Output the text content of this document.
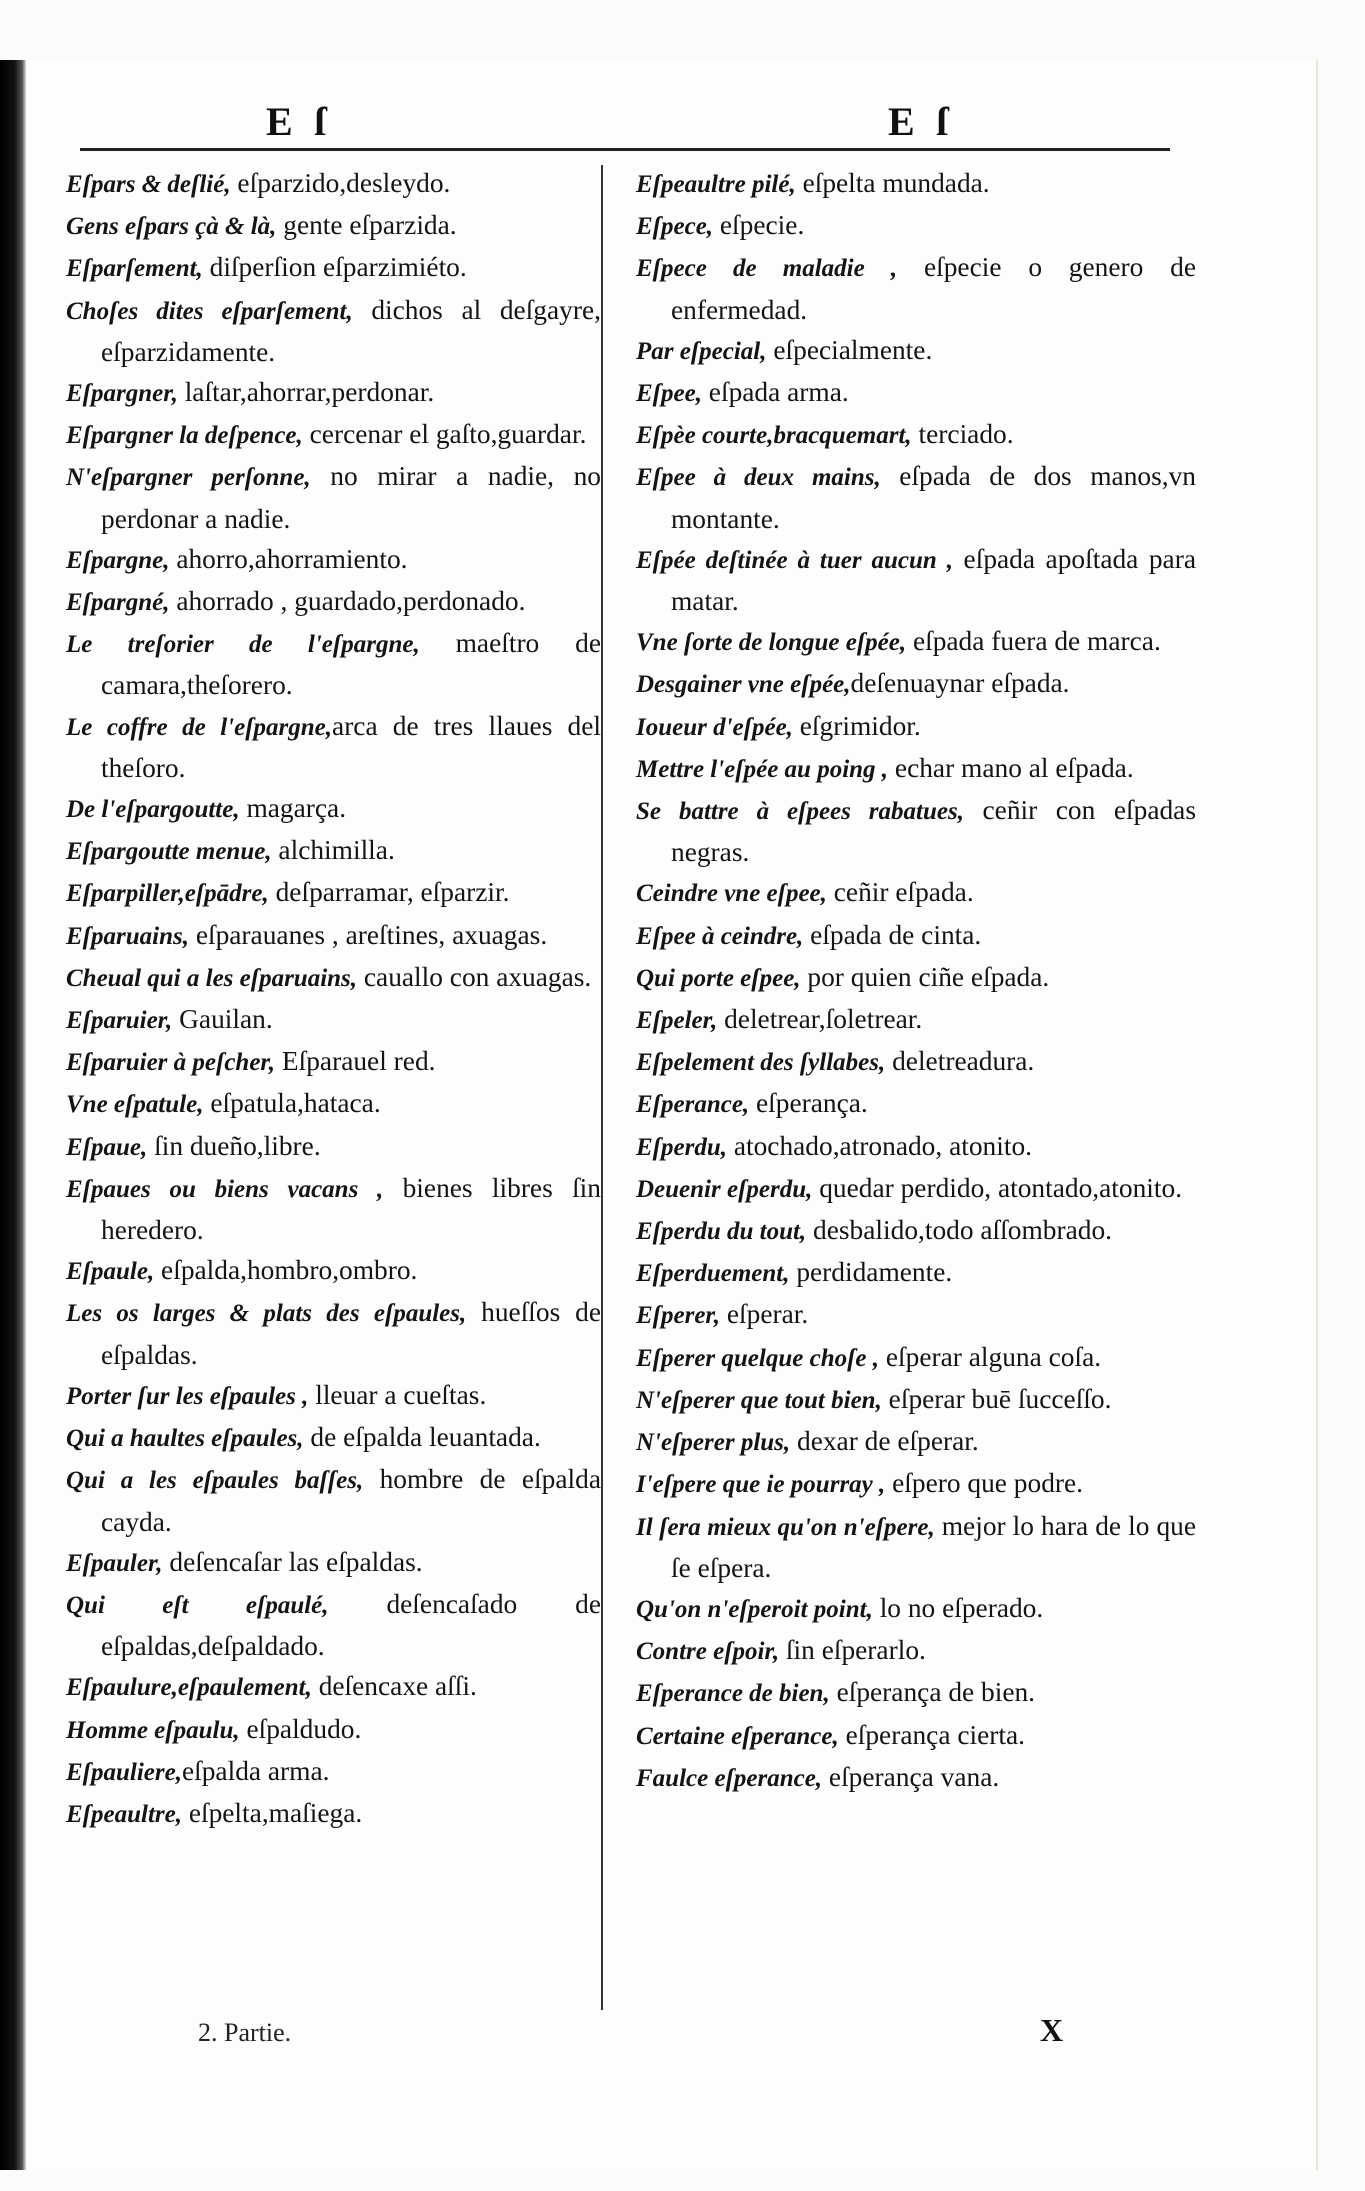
E ſ	E ſ

Eſpars & deſlié, eſparzido,desleydo.

Gens eſpars çà & là, gente eſparzida.

Eſparſement, diſperſion eſparzimiéto.

Choſes dites eſparſement, dichos al deſgayre, eſparzidamente.

Eſpargner, laſtar,ahorrar,perdonar.

Eſpargner la deſpence, cercenar el gaſto,guardar.

N'eſpargner perſonne, no mirar a nadie, no perdonar a nadie.

Eſpargne, ahorro,ahorramiento.

Eſpargné, ahorrado , guardado,perdonado.

Le treſorier de l'eſpargne, maeſtro de camara,theſorero.

Le coffre de l'eſpargne,arca de tres llaues del theſoro.

De l'eſpargoutte, magarça.

Eſpargoutte menue, alchimilla.

Eſparpiller,eſpādre, deſparramar, eſparzir.

Eſparuains, eſparauanes , areſtines, axuagas.

Cheual qui a les eſparuains, cauallo con axuagas.

Eſparuier, Gauilan.

Eſparuier à peſcher, Eſparauel red.

Vne eſpatule, eſpatula,hataca.

Eſpaue, ſin dueño,libre.

Eſpaues ou biens vacans , bienes libres ſin heredero.

Eſpaule, eſpalda,hombro,ombro.

Les os larges & plats des eſpaules, hueſſos de eſpaldas.

Porter ſur les eſpaules , lleuar a cueſtas.

Qui a haultes eſpaules, de eſpalda leuantada.

Qui a les eſpaules baſſes, hombre de eſpalda cayda.

Eſpauler, deſencaſar las eſpaldas.

Qui eſt eſpaulé, deſencaſado de eſpaldas,deſpaldado.

Eſpaulure,eſpaulement, deſencaxe aſſi.

Homme eſpaulu, eſpaldudo.

Eſpauliere,eſpalda arma.

Eſpeaultre, eſpelta,maſiega.

Eſpeaultre pilé, eſpelta mundada.

Eſpece, eſpecie.

Eſpece de maladie , eſpecie o genero de enfermedad.

Par eſpecial, eſpecialmente.

Eſpee, eſpada arma.

Eſpèe courte,bracquemart, terciado.

Eſpee à deux mains, eſpada de dos manos,vn montante.

Eſpée deſtinée à tuer aucun , eſpada apoſtada para matar.

Vne ſorte de longue eſpée, eſpada fuera de marca.

Desgainer vne eſpée,deſenuaynar eſpada.

Ioueur d'eſpée, eſgrimidor.

Mettre l'eſpée au poing , echar mano al eſpada.

Se battre à eſpees rabatues, ceñir con eſpadas negras.

Ceindre vne eſpee, ceñir eſpada.

Eſpee à ceindre, eſpada de cinta.

Qui porte eſpee, por quien ciñe eſpada.

Eſpeler, deletrear,ſoletrear.

Eſpelement des ſyllabes, deletreadura.

Eſperance, eſperança.

Eſperdu, atochado,atronado, atonito.

Deuenir eſperdu, quedar perdido, atontado,atonito.

Eſperdu du tout, desbalido,todo aſſombrado.

Eſperduement, perdidamente.

Eſperer, eſperar.

Eſperer quelque choſe , eſperar alguna coſa.

N'eſperer que tout bien, eſperar buē ſucceſſo.

N'eſperer plus, dexar de eſperar.

I'eſpere que ie pourray , eſpero que podre.

Il ſera mieux qu'on n'eſpere, mejor lo hara de lo que ſe eſpera.

Qu'on n'eſperoit point, lo no eſperado.

Contre eſpoir, ſin eſperarlo.

Eſperance de bien, eſperança de bien.

Certaine eſperance, eſperança cierta.

Faulce eſperance, eſperança vana.

2. Partie.	X
